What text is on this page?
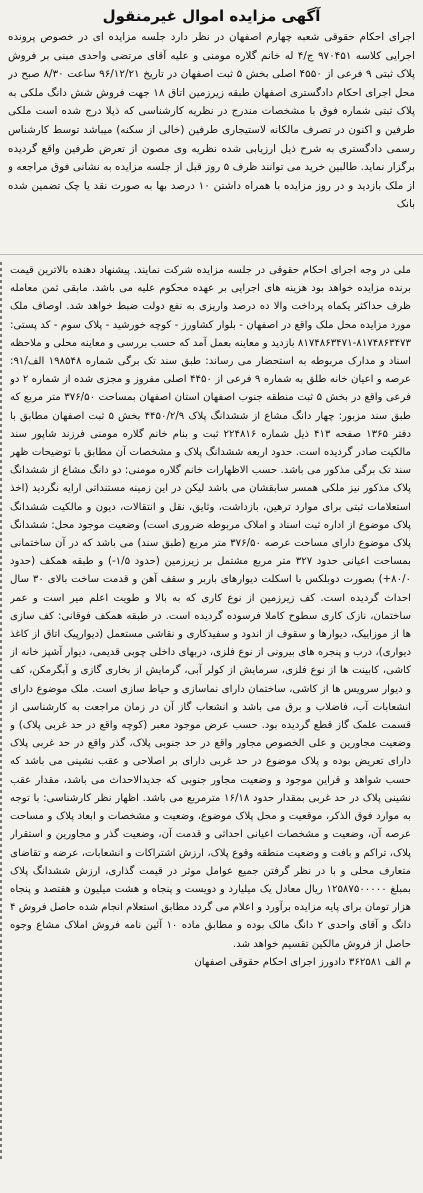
آگهی مزایده اموال غیرمنقول

اجرای احکام حقوقی شعبه چهارم اصفهان در نظر دارد جلسه مزایده ای در خصوص پرونده اجرایی کلاسه ۹۷۰۴۵۱ ج/۴ له خانم گلاره مومنی و علیه آقای مرتضی واحدی مبنی بر فروش پلاک ثبتی ۹ فرعی از ۴۵۵۰ اصلی بخش ۵ ثبت اصفهان در تاریخ ۹۶/۱۲/۲۱ ساعت ۸/۳۰ صبح در محل اجرای احکام دادگستری اصفهان طبقه زیرزمین اتاق ۱۸ جهت فروش شش دانگ ملکی به پلاک ثبتی شماره فوق با مشخصات مندرج در نظریه کارشناسی که ذیلا درج شده است ملکی طرفین و اکنون در تصرف مالکانه لاستیجاری طرفین (خالی از سکنه) میباشد توسط کارشناس رسمی دادگستری به شرح ذیل ارزیابی شده نظریه وی مصون از تعرض طرفین واقع گردیده برگزار نماید. طالبین خرید می توانند ظرف ۵ روز قبل از جلسه مزایده به نشانی فوق مراجعه و از ملک بازدید و در روز مزایده با همراه داشتن ۱۰ درصد بها به صورت نقد یا چک تضمین شده بانک

ملی در وجه اجرای احکام حقوقی در جلسه مزایده شرکت نمایند. پیشنهاد دهنده بالاترین قیمت برنده مزایده خواهد بود هزینه های اجرایی بر عهده محکوم علیه می باشد. مابقی ثمن معامله ظرف حداکثر یکماه پرداخت والا ده درصد واریزی به نفع دولت ضبط خواهد شد. اوصاف ملک مورد مزایده محل ملک واقع در اصفهان - بلوار کشاورز - کوچه خورشید - پلاک سوم - کد پستی: ۸۱۷۴۸۶۳۴۷۳-۸۱۷۴۸۶۳۴۷۱ بازدید و معاینه بعمل آمد که حسب بررسی و معاینه محلی و ملاحظه اسناد و مدارک مربوطه به استحضار می رساند: طبق سند تک برگی شماره ۱۹۸۵۴۸ الف/۹۱: عرصه و اعیان خانه طلق به شماره ۹ فرعی از ۴۴۵۰ اصلی مفروز و مجزی شده از شماره ۲ دو فرعی واقع در بخش ۵ ثبت منطقه جنوب اصفهان استان اصفهان بمساحت ۳۷۶/۵۰ متر مربع که طبق سند مزبور: چهار دانگ مشاع از ششدانگ پلاک ۴۴۵۰/۲/۹ بخش ۵ ثبت اصفهان مطابق با دفتر ۱۳۶۵ صفحه ۴۱۳ ذیل شماره ۲۲۴۸۱۶ ثبت و بنام خانم گلاره مومنی فرزند شاپور سند مالکیت صادر گردیده است. حدود اربعه ششدانگ پلاک و مشخصات آن مطابق با توضیحات ظهر سند تک برگی مذکور می باشد. حسب الاظهارات خانم گلاره مومنی: دو دانگ مشاع از ششدانگ پلاک مذکور نیز ملکی همسر سابقشان می باشد لیکن در این زمینه مستنداتی ارایه نگردید (اخذ استعلامات ثبتی برای موارد ترهین، بازداشت، وثایق، نقل و انتقالات، دیون و مالکیت ششدانگ پلاک موضوع از اداره ثبت اسناد و املاک مربوطه ضروری است) وضعیت موجود محل: ششدانگ پلاک موضوع دارای مساحت عرصه ۳۷۶/۵۰ متر مربع (طبق سند) می باشد که در آن ساختمانی بمساحت اعیانی حدود ۳۲۷ متر مربع مشتمل بر زیرزمین (حدود ۱/۵-) و طبقه همکف (حدود ۸۰/۰+) بصورت دوبلکس با اسکلت دیوارهای باربر و سقف آهن و قدمت ساخت بالای ۳۰ سال احداث گردیده است. کف زیرزمین از نوع کاری که به بالا و طویت اعلم میر است و عمر ساختمان، نازک کاری سطوح کاملا فرسوده گردیده است. در طبقه همکف فوقانی: کف سازی ها از موزاییک، دیوارها و سقوف از اندود و سفیدکاری و نقاشی مستعمل (دیوارپیک اتاق از کاغذ دیواری)، درب و پنجره های بیرونی از نوع فلزی، دربهای داخلی چوبی قدیمی، دیوار آشپز خانه از کاشی، کابینت ها از نوع فلزی، سرمایش از کولر آبی، گرمایش از بخاری گازی و آبگرمکن، کف و دیوار سرویس ها از کاشی، ساختمان دارای نماسازی و حیاط سازی است. ملک موضوع دارای انشعابات آب، فاضلاب و برق می باشد و انشعاب گاز آن در زمان مراجعت به کارشناسی از قسمت علمک گاز قطع گردیده بود. حسب عرض موجود معبر (کوچه واقع در حد غربی پلاک) و وضعیت مجاورین و علی الخصوص مجاور واقع در حد جنوبی پلاک، گذر واقع در حد غربی پلاک دارای تعریض بوده و پلاک موضوع در حد غربی دارای بر اصلاحی و عقب نشینی می باشد که حسب شواهد و قراین موجود و وضعیت مجاور جنوبی که جدیدالاحداث می باشد، مقدار عقب نشینی پلاک در حد غربی بمقدار حدود ۱۶/۱۸ مترمربع می باشد. اظهار نظر کارشناسی: با توجه به موارد فوق الذکر، موقعیت و محل پلاک موضوع، وضعیت و مشخصات و ابعاد پلاک و مساحت عرصه آن، وضعیت و مشخصات اعیانی احداثی و قدمت آن، وضعیت گذر و مجاورین و استقرار پلاک، تراکم و بافت و وضعیت منطقه وقوع پلاک، ارزش اشتراکات و انشعابات، عرضه و تقاضای متعارف محلی و با در نظر گرفتن جمیع عوامل موثر در قیمت گذاری، ارزش ششدانگ پلاک بمبلغ ۱۲۵۸۷۵۰۰۰۰۰ ریال معادل یک میلیارد و دویست و پنجاه و هشت میلیون و هفتصد و پنجاه هزار تومان برای پایه مزایده برآورد و اعلام می گردد مطابق استعلام انجام شده حاصل فروش ۴ دانگ و آقای واحدی ۲ دانگ مالک بوده و مطابق ماده ۱۰ آئین نامه فروش املاک مشاع وجوه حاصل از فروش مالکین تقسیم خواهد شد.
م الف ۳۶۲۵۸۱ دادورز اجرای احکام حقوقی اصفهان
